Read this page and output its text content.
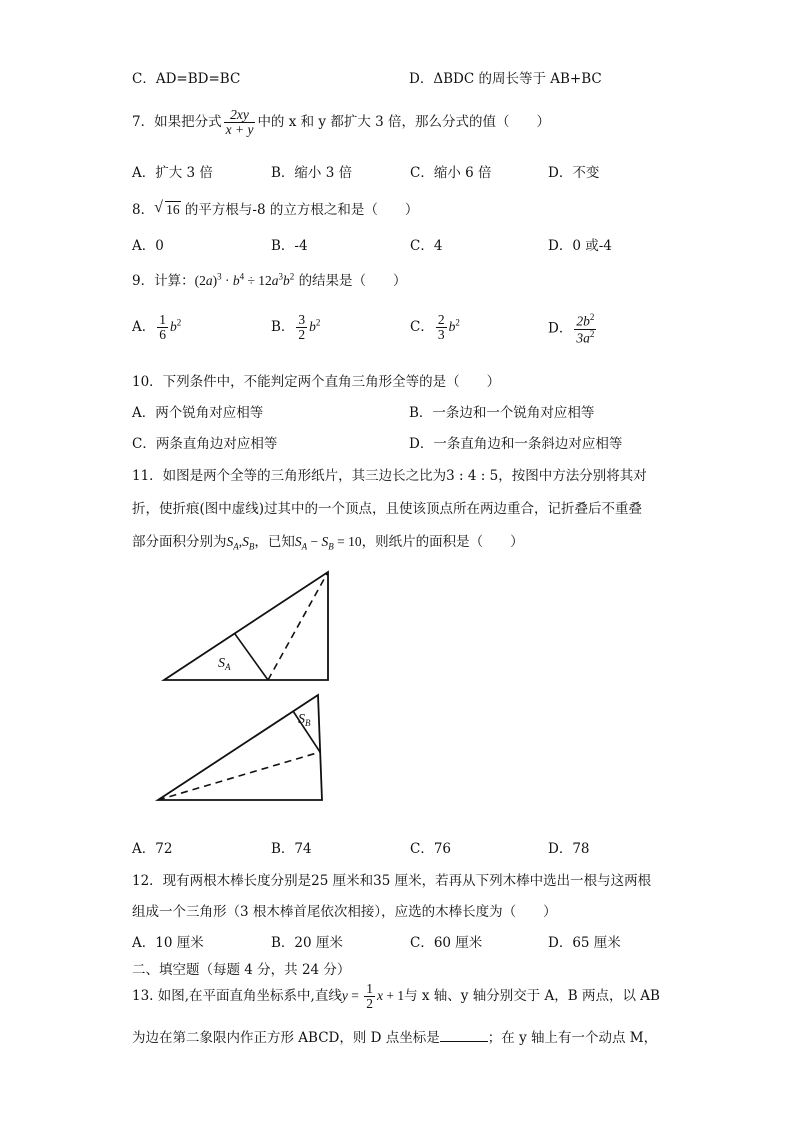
C．AD=BD=BC	D．ΔBDC 的周长等于 AB+BC
7．如果把分式 $\frac{2xy}{x + y}$ 中的 x 和 y 都扩大 3 倍，那么分式的值（　　）
A．扩大 3 倍	B．缩小 3 倍	C．缩小 6 倍	D．不变
8． √ 16 的平方根与-8 的立方根之和是（　　）
A．0	B．-4	C．4	D．0 或-4
9．计算：$(2a)^3 \cdot b^4 \div 12a^3b^2$ 的结果是（　　）
A． $\frac{1}{6} b^2$	B． $\frac{3}{2} b^2$	C． $\frac{2}{3} b^2$	D． $\frac{2b^2}{3a^2}$
10．下列条件中，不能判定两个直角三角形全等的是（　　）
A．两个锐角对应相等	B．一条边和一个锐角对应相等
C．两条直角边对应相等	D．一条直角边和一条斜边对应相等
11．如图是两个全等的三角形纸片，其三边长之比为3 : 4 : 5，按图中方法分别将其对
折，使折痕(图中虚线)过其中的一个顶点，且使该顶点所在两边重合，记折叠后不重叠
部分面积分别为$S_A,S_B$，已知$S_A - S_B = 10$，则纸片的面积是（　　）
$S_A$
$S_B$
A．72	B．74	C．76	D．78
12．现有两根木棒长度分别是25 厘米和35 厘米，若再从下列木棒中选出一根与这两根
组成一个三角形（3 根木棒首尾依次相接），应选的木棒长度为（　　）
A．10 厘米	B．20 厘米	C．60 厘米	D．65 厘米
二、填空题（每题 4 分，共 24 分）
13. 如图,在平面直角坐标系中,直线$y = \frac{1}{2}$ x + 1与 x 轴、y 轴分别交于 A，B 两点，以 AB
为边在第二象限内作正方形 ABCD，则 D 点坐标是	；在 y 轴上有一个动点 M，
